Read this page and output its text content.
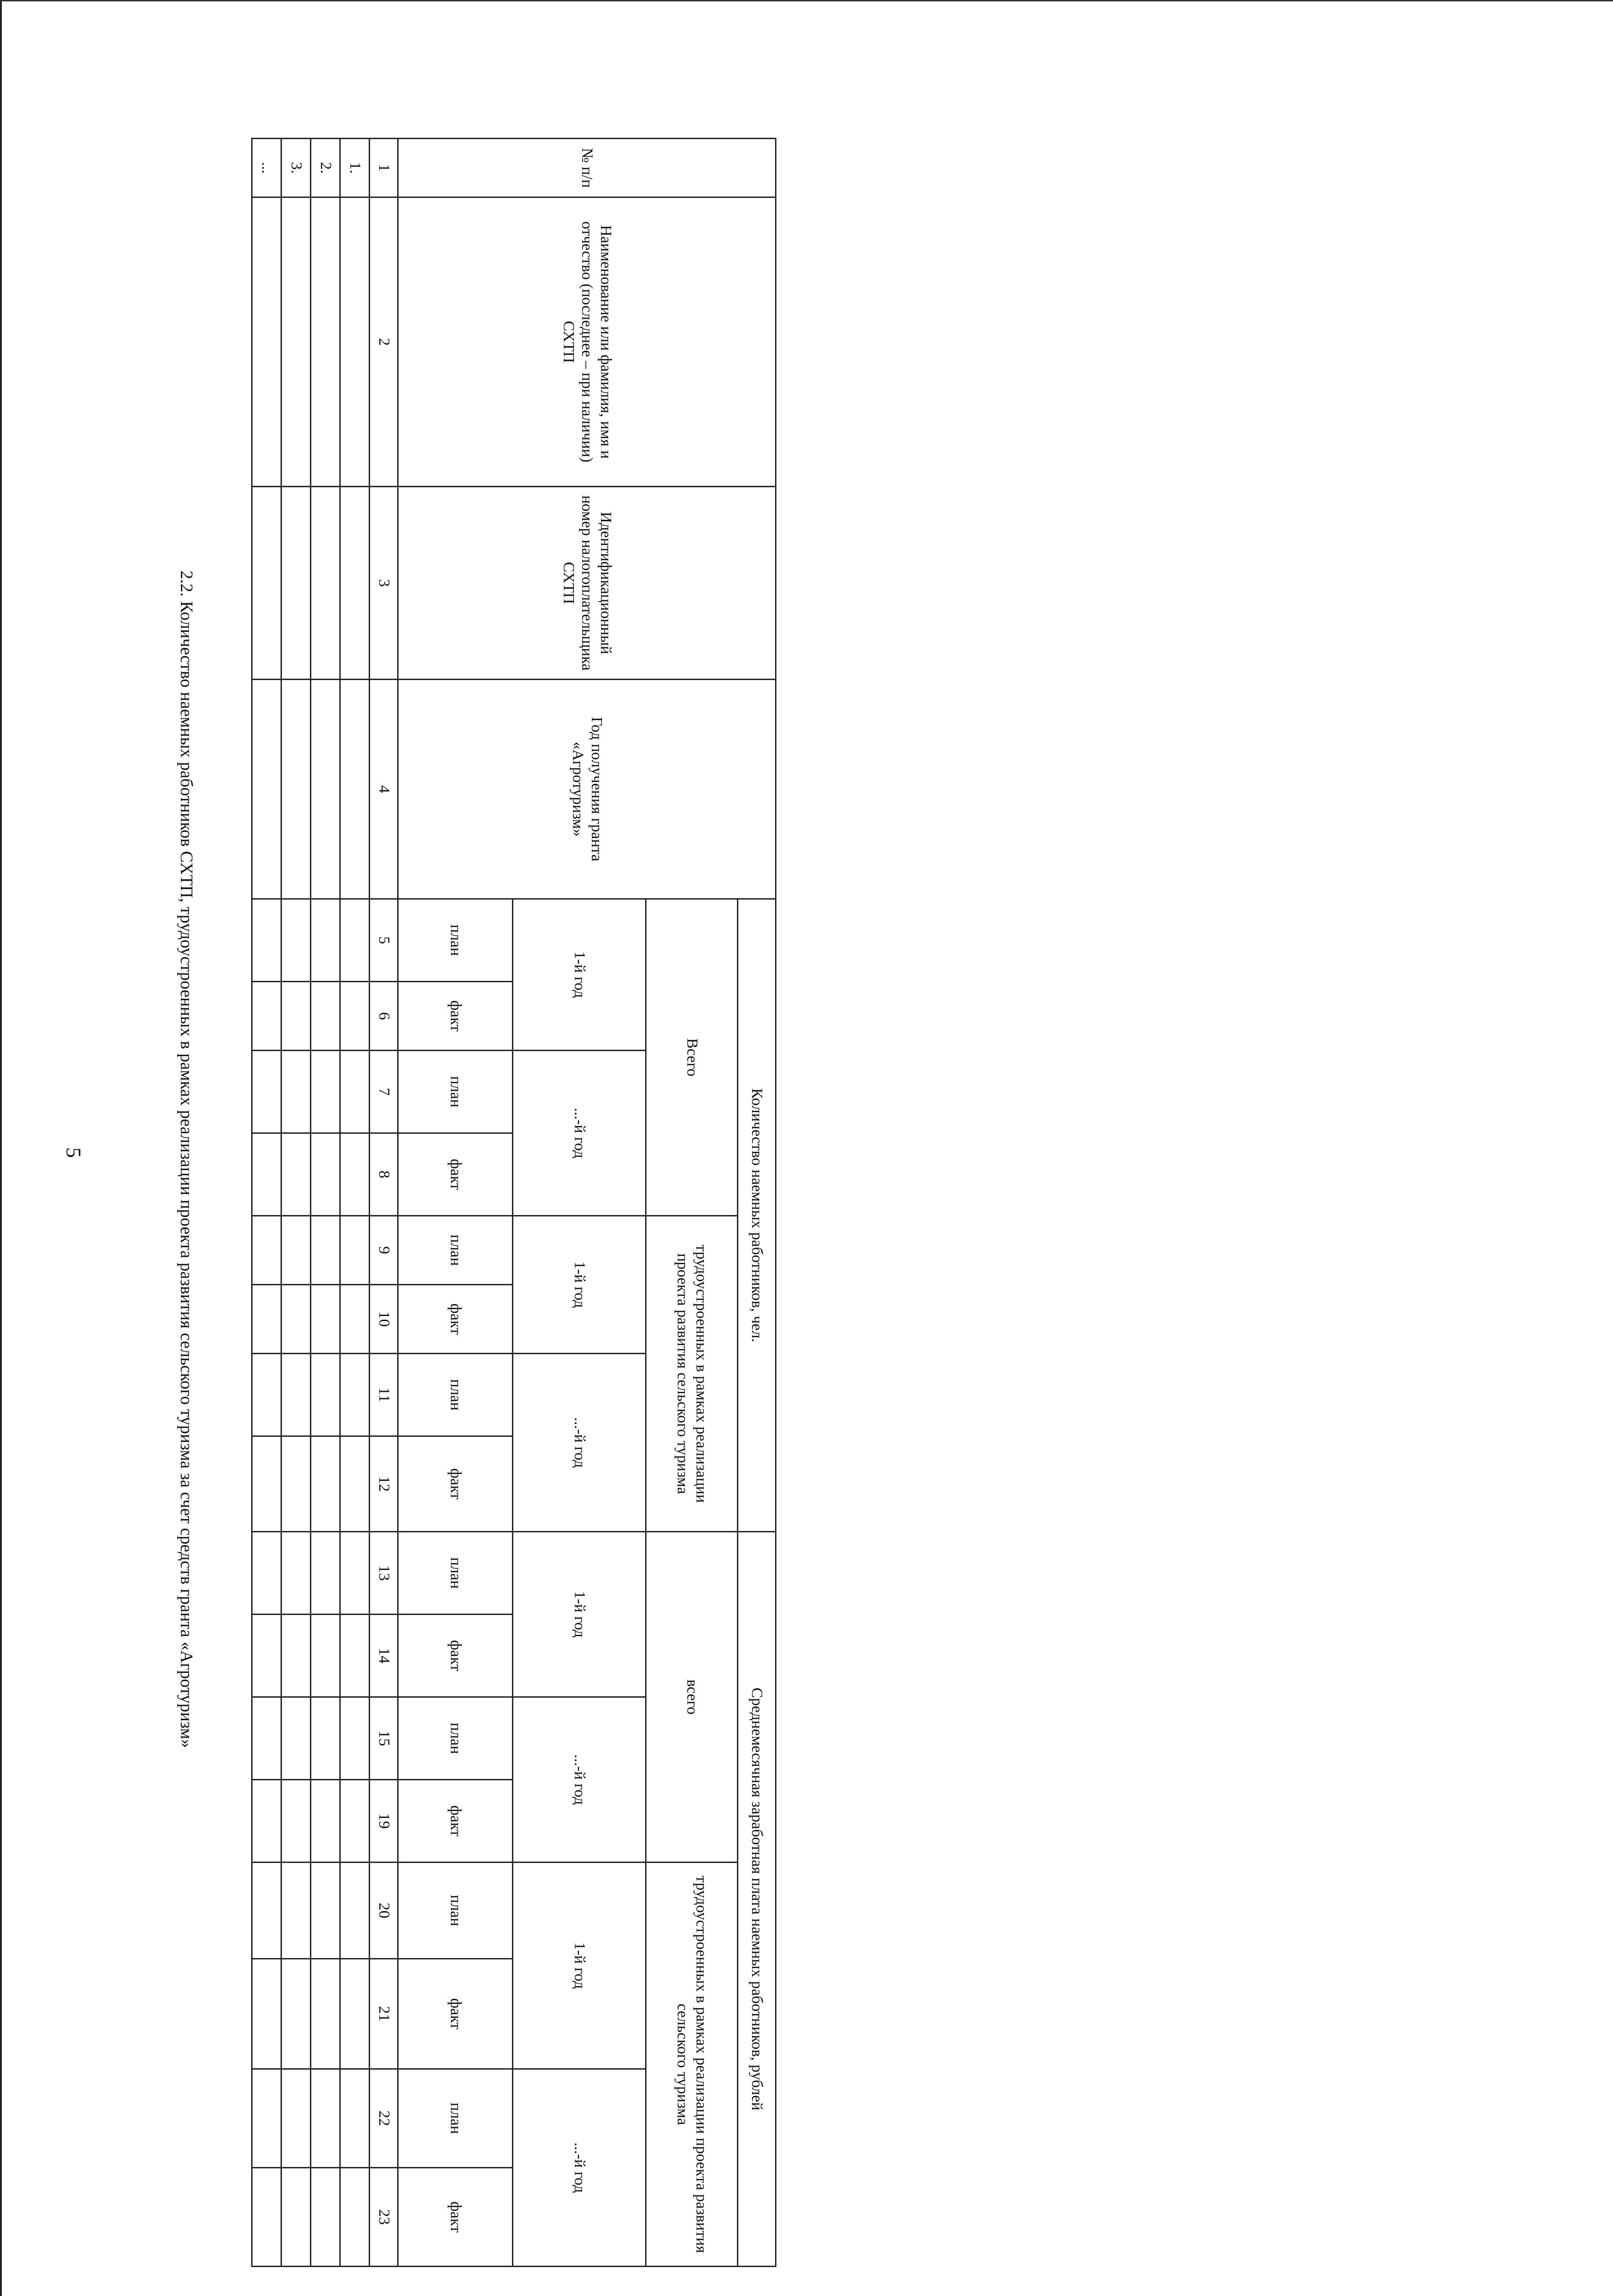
5	2.2. Количество наемных работников СХТП, трудоустроенных в рамках реализации проекта развития сельского туризма за счет средств гранта «Агротуризм»
№ п/п	Наименование или фамилия, имя и отчество (последнее – при наличии) СХТП	Идентификационный номер налогоплательщика СХТП	Год получения гранта «Агротуризм»	Количество наемных работников, чел.								Среднемесячная заработная плата наемных работников, рублей							
				Всего				трудоустроенных в рамках реализации проекта развития сельского туризма				всего				трудоустроенных в рамках реализации проекта развития сельского туризма			
				1-й год		...-й год		1-й год		...-й год		1-й год		...-й год		1-й год		...-й год	
				план	факт	план	факт	план	факт	план	факт	план	факт	план	факт	план	факт	план	факт
1	2	3	4	5	6	7	8	9	10	11	12	13	14	15	19	20	21	22	23
1.																			
2.																			
3.																			
...																			
